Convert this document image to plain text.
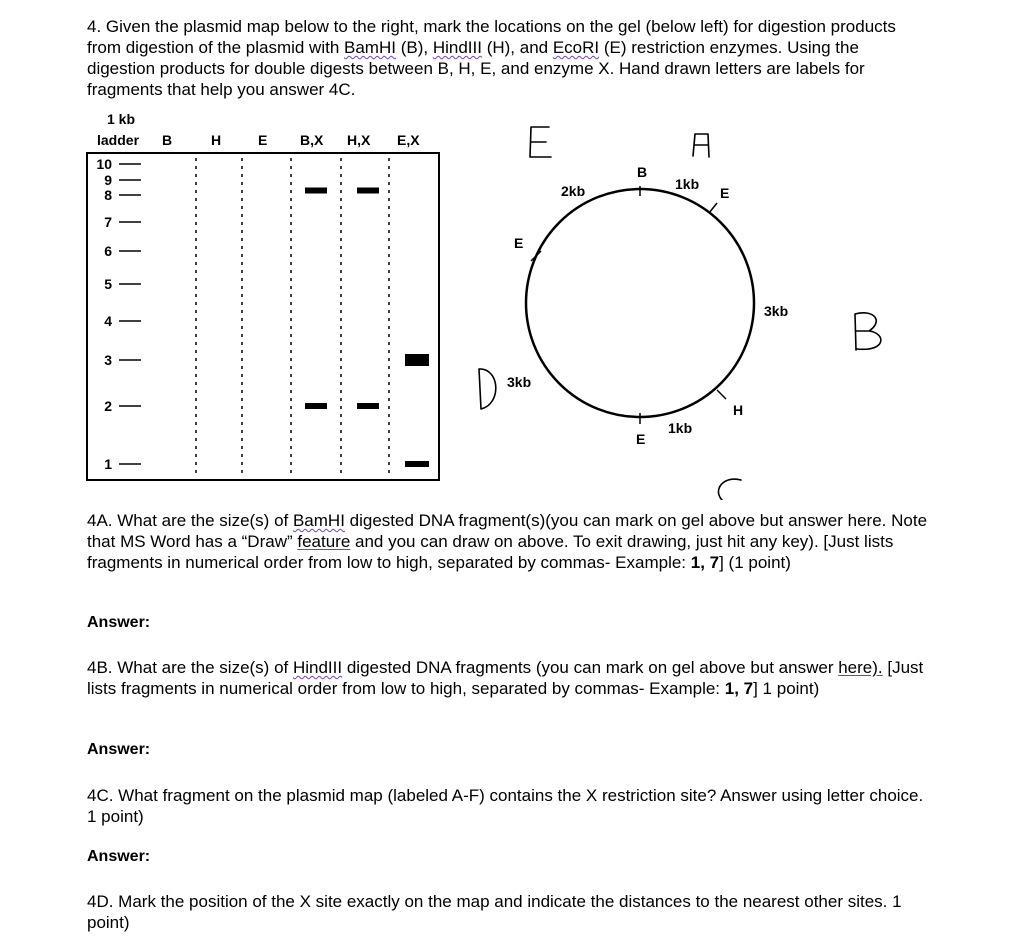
4. Given the plasmid map below to the right, mark the locations on the gel (below left) for digestion products from digestion of the plasmid with BamHI (B), HindIII (H), and EcoRI (E) restriction enzymes. Using the digestion products for double digests between B, H, E, and enzyme X. Hand drawn letters are labels for fragments that help you answer 4C.
1 kb
ladder B	H	E B,X H,X E,X
10
9
8
7
6
5
4
3
2
1
B
E
E
H
E
2kb	1kb
3kb
3kb
1kb
4A. What are the size(s) of BamHI digested DNA fragment(s)(you can mark on gel above but answer here. Note that MS Word has a “Draw” feature and you can draw on above. To exit drawing, just hit any key). [Just lists fragments in numerical order from low to high, separated by commas- Example: 1, 7] (1 point)
Answer:
4B. What are the size(s) of HindIII digested DNA fragments (you can mark on gel above but answer here). [Just lists fragments in numerical order from low to high, separated by commas- Example: 1, 7] 1 point)
Answer:
4C. What fragment on the plasmid map (labeled A-F) contains the X restriction site? Answer using letter choice. 1 point)
Answer:
4D. Mark the position of the X site exactly on the map and indicate the distances to the nearest other sites. 1 point)
